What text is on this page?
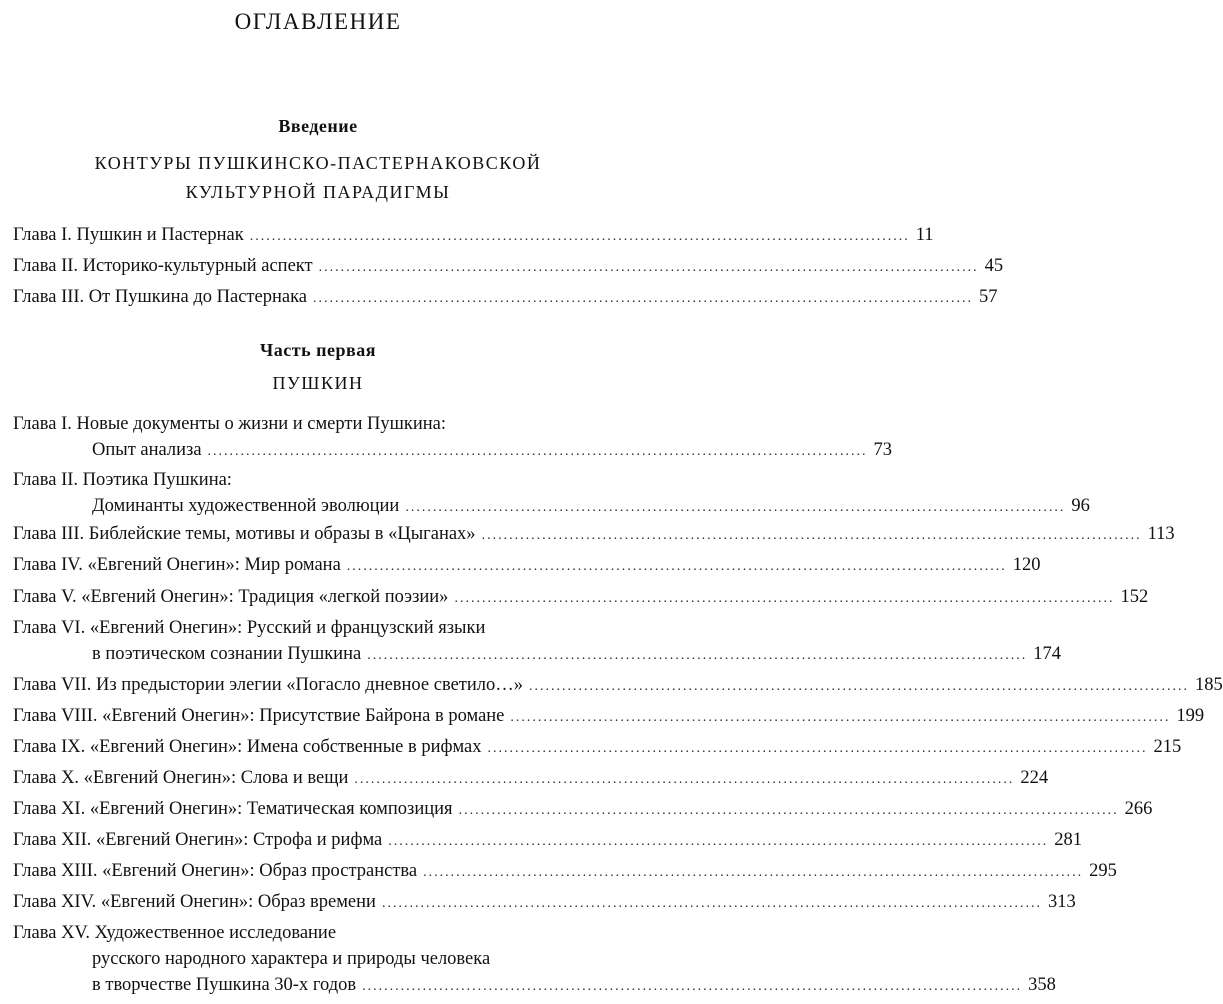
ОГЛАВЛЕНИЕ
Введение
КОНТУРЫ ПУШКИНСКО-ПАСТЕРНАКОВСКОЙ
КУЛЬТУРНОЙ ПАРАДИГМЫ
Глава I. Пушкин и Пастернак ........................................................................................................................ 11
Глава II. Историко-культурный аспект ........................................................................................................................ 45
Глава III. От Пушкина до Пастернака ........................................................................................................................ 57
Часть первая
ПУШКИН
Глава I. Новые документы о жизни и смерти Пушкина:
Опыт анализа ........................................................................................................................ 73
Глава II. Поэтика Пушкина:
Доминанты художественной эволюции ........................................................................................................................ 96
Глава III. Библейские темы, мотивы и образы в «Цыганах» ........................................................................................................................ 113
Глава IV. «Евгений Онегин»: Мир романа ........................................................................................................................ 120
Глава V. «Евгений Онегин»: Традиция «легкой поэзии» ........................................................................................................................ 152
Глава VI. «Евгений Онегин»: Русский и французский языки
в поэтическом сознании Пушкина ........................................................................................................................ 174
Глава VII. Из предыстории элегии «Погасло дневное светило…» ........................................................................................................................ 185
Глава VIII. «Евгений Онегин»: Присутствие Байрона в романе ........................................................................................................................ 199
Глава IX. «Евгений Онегин»: Имена собственные в рифмах ........................................................................................................................ 215
Глава X. «Евгений Онегин»: Слова и вещи ........................................................................................................................ 224
Глава XI. «Евгений Онегин»: Тематическая композиция ........................................................................................................................ 266
Глава XII. «Евгений Онегин»: Строфа и рифма ........................................................................................................................ 281
Глава XIII. «Евгений Онегин»: Образ пространства ........................................................................................................................ 295
Глава XIV. «Евгений Онегин»: Образ времени ........................................................................................................................ 313
Глава XV. Художественное исследование
русского народного характера и природы человека
в творчестве Пушкина 30-х годов ........................................................................................................................ 358
